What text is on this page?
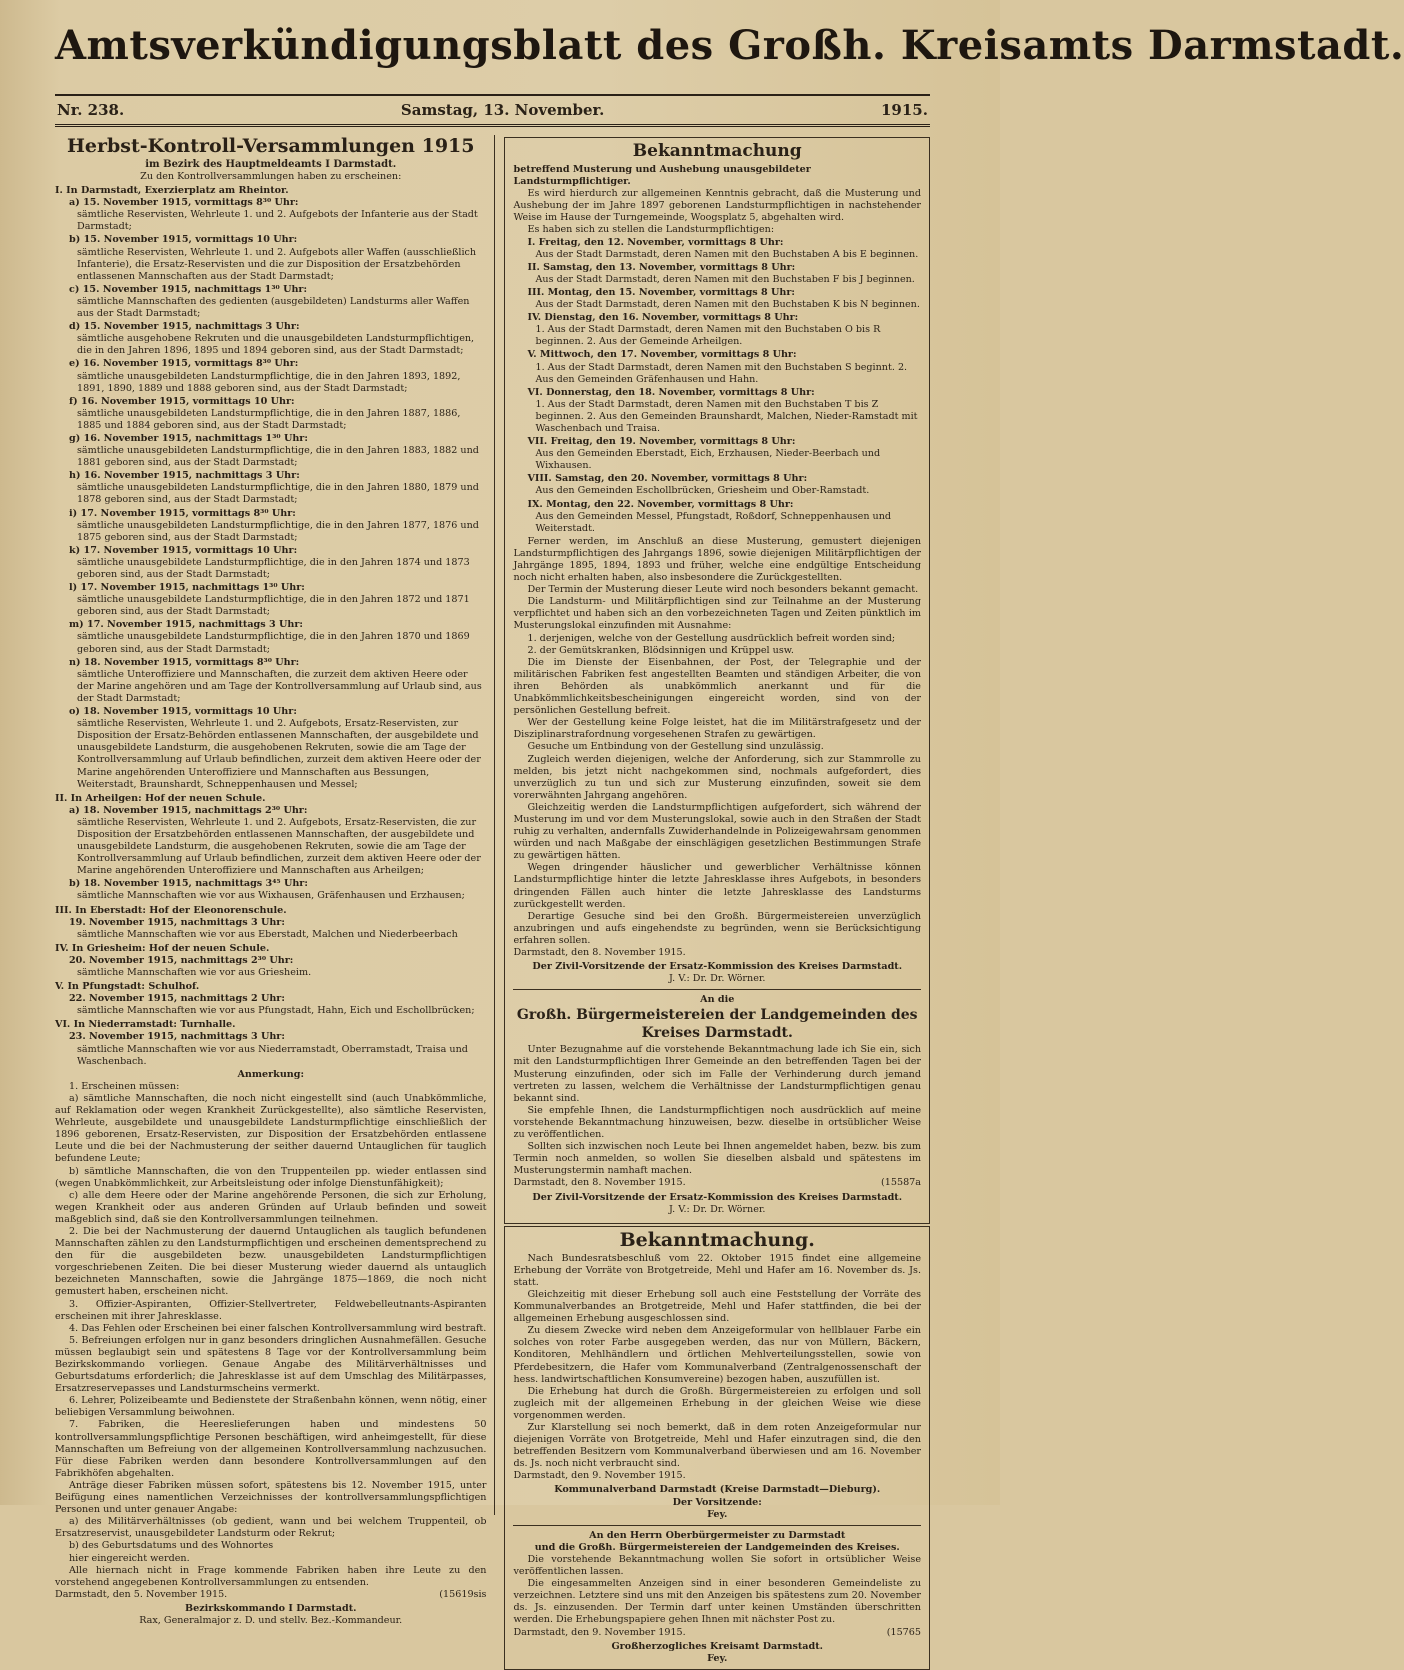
Amtsverkündigungsblatt des Großh. Kreisamts Darmstadt.
Nr. 238.	Samstag, 13. November.	1915.
Herbst-Kontroll-Versammlungen 1915
im Bezirk des Hauptmeldeamts I Darmstadt.
Zu den Kontrollversammlungen haben zu erscheinen:
I. In Darmstadt, Exerzierplatz am Rheintor.
a) 15. November 1915, vormittags 8³⁰ Uhr:
sämtliche Reservisten, Wehrleute 1. und 2. Aufgebots der Infanterie aus der Stadt Darmstadt;
b) 15. November 1915, vormittags 10 Uhr:
sämtliche Reservisten, Wehrleute 1. und 2. Aufgebots aller Waffen (ausschließlich Infanterie), die Ersatz-Reservisten und die zur Disposition der Ersatzbehörden entlassenen Mannschaften aus der Stadt Darmstadt;
c) 15. November 1915, nachmittags 1³⁰ Uhr:
sämtliche Mannschaften des gedienten (ausgebildeten) Landsturms aller Waffen aus der Stadt Darmstadt;
d) 15. November 1915, nachmittags 3 Uhr:
sämtliche ausgehobene Rekruten und die unausgebildeten Landsturmpflichtigen, die in den Jahren 1896, 1895 und 1894 geboren sind, aus der Stadt Darmstadt;
e) 16. November 1915, vormittags 8³⁰ Uhr:
sämtliche unausgebildeten Landsturmpflichtige, die in den Jahren 1893, 1892, 1891, 1890, 1889 und 1888 geboren sind, aus der Stadt Darmstadt;
f) 16. November 1915, vormittags 10 Uhr:
sämtliche unausgebildeten Landsturmpflichtige, die in den Jahren 1887, 1886, 1885 und 1884 geboren sind, aus der Stadt Darmstadt;
g) 16. November 1915, nachmittags 1³⁰ Uhr:
sämtliche unausgebildeten Landsturmpflichtige, die in den Jahren 1883, 1882 und 1881 geboren sind, aus der Stadt Darmstadt;
h) 16. November 1915, nachmittags 3 Uhr:
sämtliche unausgebildeten Landsturmpflichtige, die in den Jahren 1880, 1879 und 1878 geboren sind, aus der Stadt Darmstadt;
i) 17. November 1915, vormittags 8³⁰ Uhr:
sämtliche unausgebildeten Landsturmpflichtige, die in den Jahren 1877, 1876 und 1875 geboren sind, aus der Stadt Darmstadt;
k) 17. November 1915, vormittags 10 Uhr:
sämtliche unausgebildete Landsturmpflichtige, die in den Jahren 1874 und 1873 geboren sind, aus der Stadt Darmstadt;
l) 17. November 1915, nachmittags 1³⁰ Uhr:
sämtliche unausgebildete Landsturmpflichtige, die in den Jahren 1872 und 1871 geboren sind, aus der Stadt Darmstadt;
m) 17. November 1915, nachmittags 3 Uhr:
sämtliche unausgebildete Landsturmpflichtige, die in den Jahren 1870 und 1869 geboren sind, aus der Stadt Darmstadt;
n) 18. November 1915, vormittags 8³⁰ Uhr:
sämtliche Unteroffiziere und Mannschaften, die zurzeit dem aktiven Heere oder der Marine angehören und am Tage der Kontrollversammlung auf Urlaub sind, aus der Stadt Darmstadt;
o) 18. November 1915, vormittags 10 Uhr:
sämtliche Reservisten, Wehrleute 1. und 2. Aufgebots, Ersatz-Reservisten, zur Disposition der Ersatz-Behörden entlassenen Mannschaften, der ausgebildete und unausgebildete Landsturm, die ausgehobenen Rekruten, sowie die am Tage der Kontrollversammlung auf Urlaub befindlichen, zurzeit dem aktiven Heere oder der Marine angehörenden Unteroffiziere und Mannschaften aus Bessungen, Weiterstadt, Braunshardt, Schneppenhausen und Messel;
II. In Arheilgen: Hof der neuen Schule.
a) 18. November 1915, nachmittags 2³⁰ Uhr:
sämtliche Reservisten, Wehrleute 1. und 2. Aufgebots, Ersatz-Reservisten, die zur Disposition der Ersatzbehörden entlassenen Mannschaften, der ausgebildete und unausgebildete Landsturm, die ausgehobenen Rekruten, sowie die am Tage der Kontrollversammlung auf Urlaub befindlichen, zurzeit dem aktiven Heere oder der Marine angehörenden Unteroffiziere und Mannschaften aus Arheilgen;
b) 18. November 1915, nachmittags 3⁴⁵ Uhr:
sämtliche Mannschaften wie vor aus Wixhausen, Gräfenhausen und Erzhausen;
III. In Eberstadt: Hof der Eleonorenschule.
19. November 1915, nachmittags 3 Uhr:
sämtliche Mannschaften wie vor aus Eberstadt, Malchen und Niederbeerbach
IV. In Griesheim: Hof der neuen Schule.
20. November 1915, nachmittags 2³⁰ Uhr:
sämtliche Mannschaften wie vor aus Griesheim.
V. In Pfungstadt: Schulhof.
22. November 1915, nachmittags 2 Uhr:
sämtliche Mannschaften wie vor aus Pfungstadt, Hahn, Eich und Eschollbrücken;
VI. In Niederramstadt: Turnhalle.
23. November 1915, nachmittags 3 Uhr:
sämtliche Mannschaften wie vor aus Niederramstadt, Oberramstadt, Traisa und Waschenbach.
Anmerkung:
1. Erscheinen müssen:
a) sämtliche Mannschaften, die noch nicht eingestellt sind (auch Unabkömmliche, auf Reklamation oder wegen Krankheit Zurückgestellte), also sämtliche Reservisten, Wehrleute, ausgebildete und unausgebildete Landsturmpflichtige einschließlich der 1896 geborenen, Ersatz-Reservisten, zur Disposition der Ersatzbehörden entlassene Leute und die bei der Nachmusterung der seither dauernd Untauglichen für tauglich befundene Leute;
b) sämtliche Mannschaften, die von den Truppenteilen pp. wieder entlassen sind (wegen Unabkömmlichkeit, zur Arbeitsleistung oder infolge Dienstunfähigkeit);
c) alle dem Heere oder der Marine angehörende Personen, die sich zur Erholung, wegen Krankheit oder aus anderen Gründen auf Urlaub befinden und soweit maßgeblich sind, daß sie den Kontrollversammlungen teilnehmen.
2. Die bei der Nachmusterung der dauernd Untauglichen als tauglich befundenen Mannschaften zählen zu den Landsturmpflichtigen und erscheinen dementsprechend zu den für die ausgebildeten bezw. unausgebildeten Landsturmpflichtigen vorgeschriebenen Zeiten. Die bei dieser Musterung wieder dauernd als untauglich bezeichneten Mannschaften, sowie die Jahrgänge 1875—1869, die noch nicht gemustert haben, erscheinen nicht.
3. Offizier-Aspiranten, Offizier-Stellvertreter, Feldwebelleutnants-Aspiranten erscheinen mit ihrer Jahresklasse.
4. Das Fehlen oder Erscheinen bei einer falschen Kontrollversammlung wird bestraft.
5. Befreiungen erfolgen nur in ganz besonders dringlichen Ausnahmefällen. Gesuche müssen beglaubigt sein und spätestens 8 Tage vor der Kontrollversammlung beim Bezirkskommando vorliegen. Genaue Angabe des Militärverhältnisses und Geburtsdatums erforderlich; die Jahresklasse ist auf dem Umschlag des Militärpasses, Ersatzreservepasses und Landsturmscheins vermerkt.
6. Lehrer, Polizeibeamte und Bedienstete der Straßenbahn können, wenn nötig, einer beliebigen Versammlung beiwohnen.
7. Fabriken, die Heereslieferungen haben und mindestens 50 kontrollversammlungspflichtige Personen beschäftigen, wird anheimgestellt, für diese Mannschaften um Befreiung von der allgemeinen Kontrollversammlung nachzusuchen. Für diese Fabriken werden dann besondere Kontrollversammlungen auf den Fabrikhöfen abgehalten.
Anträge dieser Fabriken müssen sofort, spätestens bis 12. November 1915, unter Beifügung eines namentlichen Verzeichnisses der kontrollversammlungspflichtigen Personen und unter genauer Angabe:
a) des Militärverhältnisses (ob gedient, wann und bei welchem Truppenteil, ob Ersatzreservist, unausgebildeter Landsturm oder Rekrut;
b) des Geburtsdatums und des Wohnortes
hier eingereicht werden.
Alle hiernach nicht in Frage kommende Fabriken haben ihre Leute zu den vorstehend angegebenen Kontrollversammlungen zu entsenden.
Darmstadt, den 5. November 1915.	(15619sis
Bezirkskommando I Darmstadt.
Rax, Generalmajor z. D. und stellv. Bez.-Kommandeur.
Bekanntmachung
betreffend Musterung und Aushebung unausgebildeter Landsturmpflichtiger.
Es wird hierdurch zur allgemeinen Kenntnis gebracht, daß die Musterung und Aushebung der im Jahre 1897 geborenen Landsturmpflichtigen in nachstehender Weise im Hause der Turngemeinde, Woogsplatz 5, abgehalten wird.
Es haben sich zu stellen die Landsturmpflichtigen:
I. Freitag, den 12. November, vormittags 8 Uhr:
Aus der Stadt Darmstadt, deren Namen mit den Buchstaben A bis E beginnen.
II. Samstag, den 13. November, vormittags 8 Uhr:
Aus der Stadt Darmstadt, deren Namen mit den Buchstaben F bis J beginnen.
III. Montag, den 15. November, vormittags 8 Uhr:
Aus der Stadt Darmstadt, deren Namen mit den Buchstaben K bis N beginnen.
IV. Dienstag, den 16. November, vormittags 8 Uhr:
1. Aus der Stadt Darmstadt, deren Namen mit den Buchstaben O bis R beginnen. 2. Aus der Gemeinde Arheilgen.
V. Mittwoch, den 17. November, vormittags 8 Uhr:
1. Aus der Stadt Darmstadt, deren Namen mit den Buchstaben S beginnt. 2. Aus den Gemeinden Gräfenhausen und Hahn.
VI. Donnerstag, den 18. November, vormittags 8 Uhr:
1. Aus der Stadt Darmstadt, deren Namen mit den Buchstaben T bis Z beginnen. 2. Aus den Gemeinden Braunshardt, Malchen, Nieder-Ramstadt mit Waschenbach und Traisa.
VII. Freitag, den 19. November, vormittags 8 Uhr:
Aus den Gemeinden Eberstadt, Eich, Erzhausen, Nieder-Beerbach und Wixhausen.
VIII. Samstag, den 20. November, vormittags 8 Uhr:
Aus den Gemeinden Eschollbrücken, Griesheim und Ober-Ramstadt.
IX. Montag, den 22. November, vormittags 8 Uhr:
Aus den Gemeinden Messel, Pfungstadt, Roßdorf, Schneppenhausen und Weiterstadt.
Ferner werden, im Anschluß an diese Musterung, gemustert diejenigen Landsturmpflichtigen des Jahrgangs 1896, sowie diejenigen Militärpflichtigen der Jahrgänge 1895, 1894, 1893 und früher, welche eine endgültige Entscheidung noch nicht erhalten haben, also insbesondere die Zurückgestellten.
Der Termin der Musterung dieser Leute wird noch besonders bekannt gemacht.
Die Landsturm- und Militärpflichtigen sind zur Teilnahme an der Musterung verpflichtet und haben sich an den vorbezeichneten Tagen und Zeiten pünktlich im Musterungslokal einzufinden mit Ausnahme:
1. derjenigen, welche von der Gestellung ausdrücklich befreit worden sind;
2. der Gemütskranken, Blödsinnigen und Krüppel usw.
Die im Dienste der Eisenbahnen, der Post, der Telegraphie und der militärischen Fabriken fest angestellten Beamten und ständigen Arbeiter, die von ihren Behörden als unabkömmlich anerkannt und für die Unabkömmlichkeitsbescheinigungen eingereicht worden, sind von der persönlichen Gestellung befreit.
Wer der Gestellung keine Folge leistet, hat die im Militärstrafgesetz und der Disziplinarstrafordnung vorgesehenen Strafen zu gewärtigen.
Gesuche um Entbindung von der Gestellung sind unzulässig.
Zugleich werden diejenigen, welche der Anforderung, sich zur Stammrolle zu melden, bis jetzt nicht nachgekommen sind, nochmals aufgefordert, dies unverzüglich zu tun und sich zur Musterung einzufinden, soweit sie dem vorerwähnten Jahrgang angehören.
Gleichzeitig werden die Landsturmpflichtigen aufgefordert, sich während der Musterung im und vor dem Musterungslokal, sowie auch in den Straßen der Stadt ruhig zu verhalten, andernfalls Zuwiderhandelnde in Polizeigewahrsam genommen würden und nach Maßgabe der einschlägigen gesetzlichen Bestimmungen Strafe zu gewärtigen hätten.
Wegen dringender häuslicher und gewerblicher Verhältnisse können Landsturmpflichtige hinter die letzte Jahresklasse ihres Aufgebots, in besonders dringenden Fällen auch hinter die letzte Jahresklasse des Landsturms zurückgestellt werden.
Derartige Gesuche sind bei den Großh. Bürgermeistereien unverzüglich anzubringen und aufs eingehendste zu begründen, wenn sie Berücksichtigung erfahren sollen.
Darmstadt, den 8. November 1915.
Der Zivil-Vorsitzende der Ersatz-Kommission des Kreises Darmstadt.
J. V.: Dr. Dr. Wörner.
An die
Großh. Bürgermeistereien der Landgemeinden des Kreises Darmstadt.
Unter Bezugnahme auf die vorstehende Bekanntmachung lade ich Sie ein, sich mit den Landsturmpflichtigen Ihrer Gemeinde an den betreffenden Tagen bei der Musterung einzufinden, oder sich im Falle der Verhinderung durch jemand vertreten zu lassen, welchem die Verhältnisse der Landsturmpflichtigen genau bekannt sind.
Sie empfehle Ihnen, die Landsturmpflichtigen noch ausdrücklich auf meine vorstehende Bekanntmachung hinzuweisen, bezw. dieselbe in ortsüblicher Weise zu veröffentlichen.
Sollten sich inzwischen noch Leute bei Ihnen angemeldet haben, bezw. bis zum Termin noch anmelden, so wollen Sie dieselben alsbald und spätestens im Musterungstermin namhaft machen.
Darmstadt, den 8. November 1915.	(15587a
Der Zivil-Vorsitzende der Ersatz-Kommission des Kreises Darmstadt.
J. V.: Dr. Dr. Wörner.
Bekanntmachung.
Nach Bundesratsbeschluß vom 22. Oktober 1915 findet eine allgemeine Erhebung der Vorräte von Brotgetreide, Mehl und Hafer am 16. November ds. Js. statt.
Gleichzeitig mit dieser Erhebung soll auch eine Feststellung der Vorräte des Kommunalverbandes an Brotgetreide, Mehl und Hafer stattfinden, die bei der allgemeinen Erhebung ausgeschlossen sind.
Zu diesem Zwecke wird neben dem Anzeigeformular von hellblauer Farbe ein solches von roter Farbe ausgegeben werden, das nur von Müllern, Bäckern, Konditoren, Mehlhändlern und örtlichen Mehlverteilungsstellen, sowie von Pferdebesitzern, die Hafer vom Kommunalverband (Zentralgenossenschaft der hess. landwirtschaftlichen Konsumvereine) bezogen haben, auszufüllen ist.
Die Erhebung hat durch die Großh. Bürgermeistereien zu erfolgen und soll zugleich mit der allgemeinen Erhebung in der gleichen Weise wie diese vorgenommen werden.
Zur Klarstellung sei noch bemerkt, daß in dem roten Anzeigeformular nur diejenigen Vorräte von Brotgetreide, Mehl und Hafer einzutragen sind, die den betreffenden Besitzern vom Kommunalverband überwiesen und am 16. November ds. Js. noch nicht verbraucht sind.
Darmstadt, den 9. November 1915.
Kommunalverband Darmstadt (Kreise Darmstadt—Dieburg).
Der Vorsitzende:
Fey.
An den Herrn Oberbürgermeister zu Darmstadt
und die Großh. Bürgermeistereien der Landgemeinden des Kreises.
Die vorstehende Bekanntmachung wollen Sie sofort in ortsüblicher Weise veröffentlichen lassen.
Die eingesammelten Anzeigen sind in einer besonderen Gemeindeliste zu verzeichnen. Letztere sind uns mit den Anzeigen bis spätestens zum 20. November ds. Js. einzusenden. Der Termin darf unter keinen Umständen überschritten werden. Die Erhebungspapiere gehen Ihnen mit nächster Post zu.
Darmstadt, den 9. November 1915.	(15765
Großherzogliches Kreisamt Darmstadt.
Fey.
